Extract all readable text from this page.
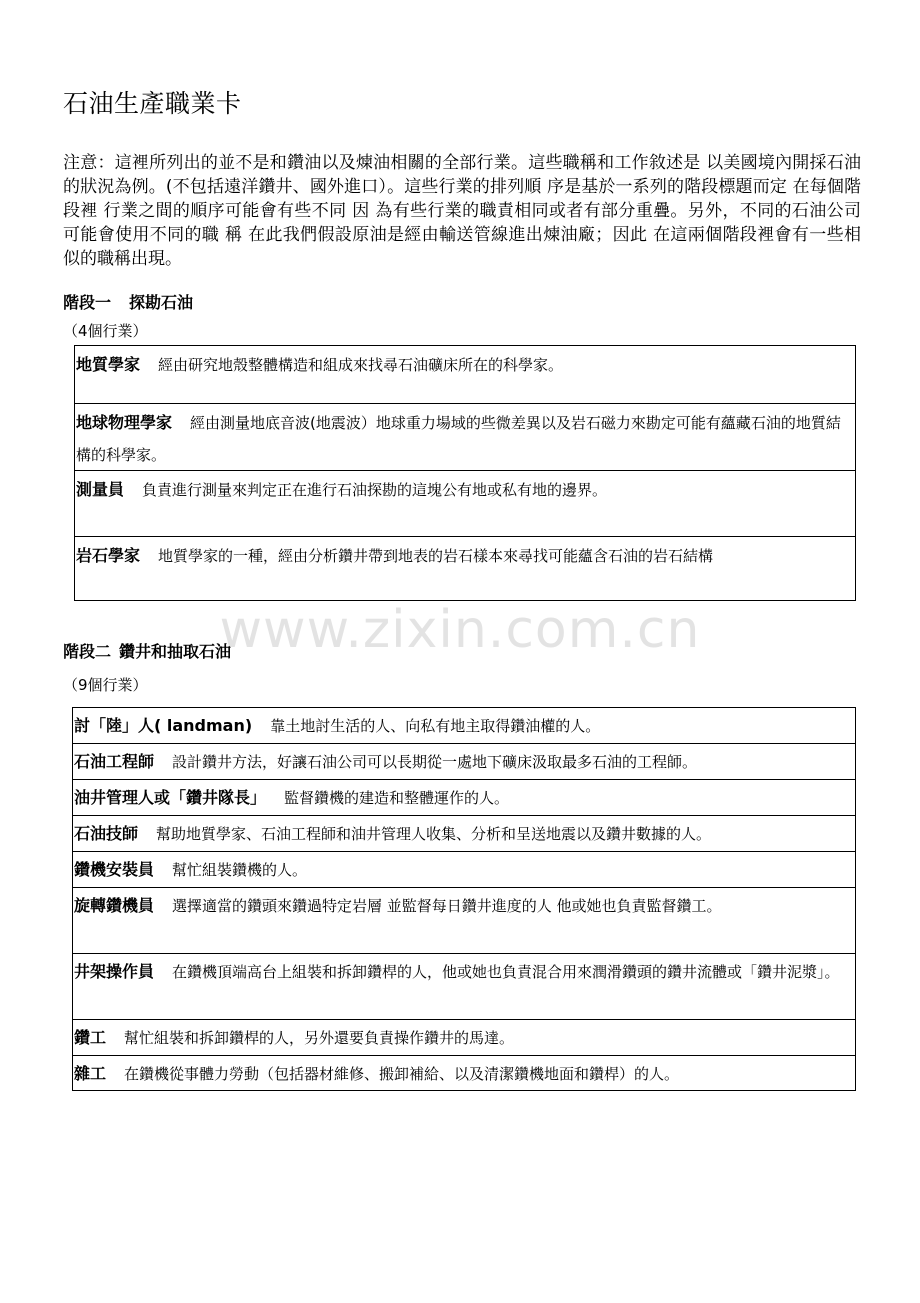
石油生產職業卡
注意：這裡所列出的並不是和鑽油以及煉油相關的全部行業。這些職稱和工作敘述是 以美國境內開採石油的狀況為例。(不包括遠洋鑽井、國外進口）。這些行業的排列順 序是基於一系列的階段標題而定 在每個階段裡 行業之間的順序可能會有些不同 因 為有些行業的職責相同或者有部分重疊。另外，不同的石油公司可能會使用不同的職 稱 在此我們假設原油是經由輸送管線進出煉油廠；因此 在這兩個階段裡會有一些相 似的職稱出現。
階段一 探勘石油
（4個行業）
地質學家 經由研究地殼整體構造和組成來找尋石油礦床所在的科學家。
地球物理學家 經由測量地底音波(地震波）地球重力場域的些微差異以及岩石磁力來勘定可能有蘊藏石油的地質結構的科學家。
測量員 負責進行測量來判定正在進行石油探勘的這塊公有地或私有地的邊界。
岩石學家 地質學家的一種，經由分析鑽井帶到地表的岩石樣本來尋找可能蘊含石油的岩石結構
www.zixin.com.cn
階段二 鑽井和抽取石油
（9個行業）
討「陸」人( landman) 靠土地討生活的人、向私有地主取得鑽油權的人。
石油工程師 設計鑽井方法，好讓石油公司可以長期從一處地下礦床汲取最多石油的工程師。
油井管理人或「鑽井隊長」 監督鑽機的建造和整體運作的人。
石油技師 幫助地質學家、石油工程師和油井管理人收集、分析和呈送地震以及鑽井數據的人。
鑽機安裝員 幫忙組裝鑽機的人。
旋轉鑽機員 選擇適當的鑽頭來鑽過特定岩層 並監督每日鑽井進度的人 他或她也負責監督鑽工。
井架操作員 在鑽機頂端高台上組裝和拆卸鑽桿的人，他或她也負責混合用來潤滑鑽頭的鑽井流體或「鑽井泥漿」。
鑽工 幫忙組裝和拆卸鑽桿的人，另外還要負責操作鑽井的馬達。
雜工 在鑽機從事體力勞動（包括器材維修、搬卸補給、以及清潔鑽機地面和鑽桿）的人。
